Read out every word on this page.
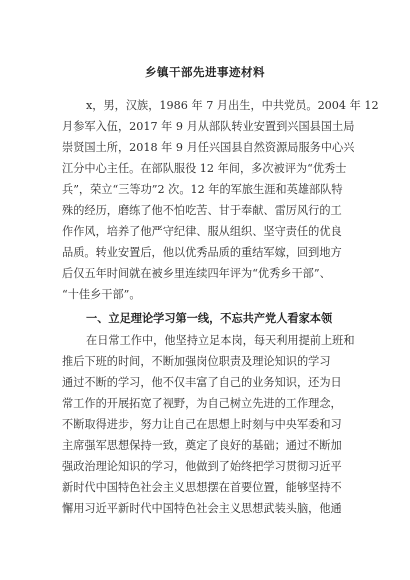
乡镇干部先进事迹材料
x，男，汉族，1986 年 7 月出生，中共党员。2004 年 12
月参军入伍，2017 年 9 月从部队转业安置到兴国县国土局
崇贤国土所，2018 年 9 月任兴国县自然资源局服务中心兴
江分中心主任。在部队服役 12 年间，多次被评为“优秀士
兵”，荣立“三等功”2 次。12 年的军旅生涯和英雄部队特
殊的经历，磨练了他不怕吃苦、甘于奉献、雷厉风行的工
作作风，培养了他严守纪律、服从组织、坚守责任的优良
品质。转业安置后，他以优秀品质的重结军嫁，回到地方
后仅五年时间就在被乡里连续四年评为“优秀乡干部”、
“十佳乡干部”。
一、立足理论学习第一线，不忘共产党人看家本领
在日常工作中，他坚持立足本岗，每天利用提前上班和
推后下班的时间，不断加强岗位职责及理论知识的学习
通过不断的学习，他不仅丰富了自己的业务知识，还为日
常工作的开展拓宽了视野，为自己树立先进的工作理念，
不断取得进步，努力让自己在思想上时刻与中央军委和习
主席强军思想保持一致，奠定了良好的基础；通过不断加
强政治理论知识的学习，他做到了始终把学习贯彻习近平
新时代中国特色社会主义思想摆在首要位置，能够坚持不
懈用习近平新时代中国特色社会主义思想武装头脑，他通
